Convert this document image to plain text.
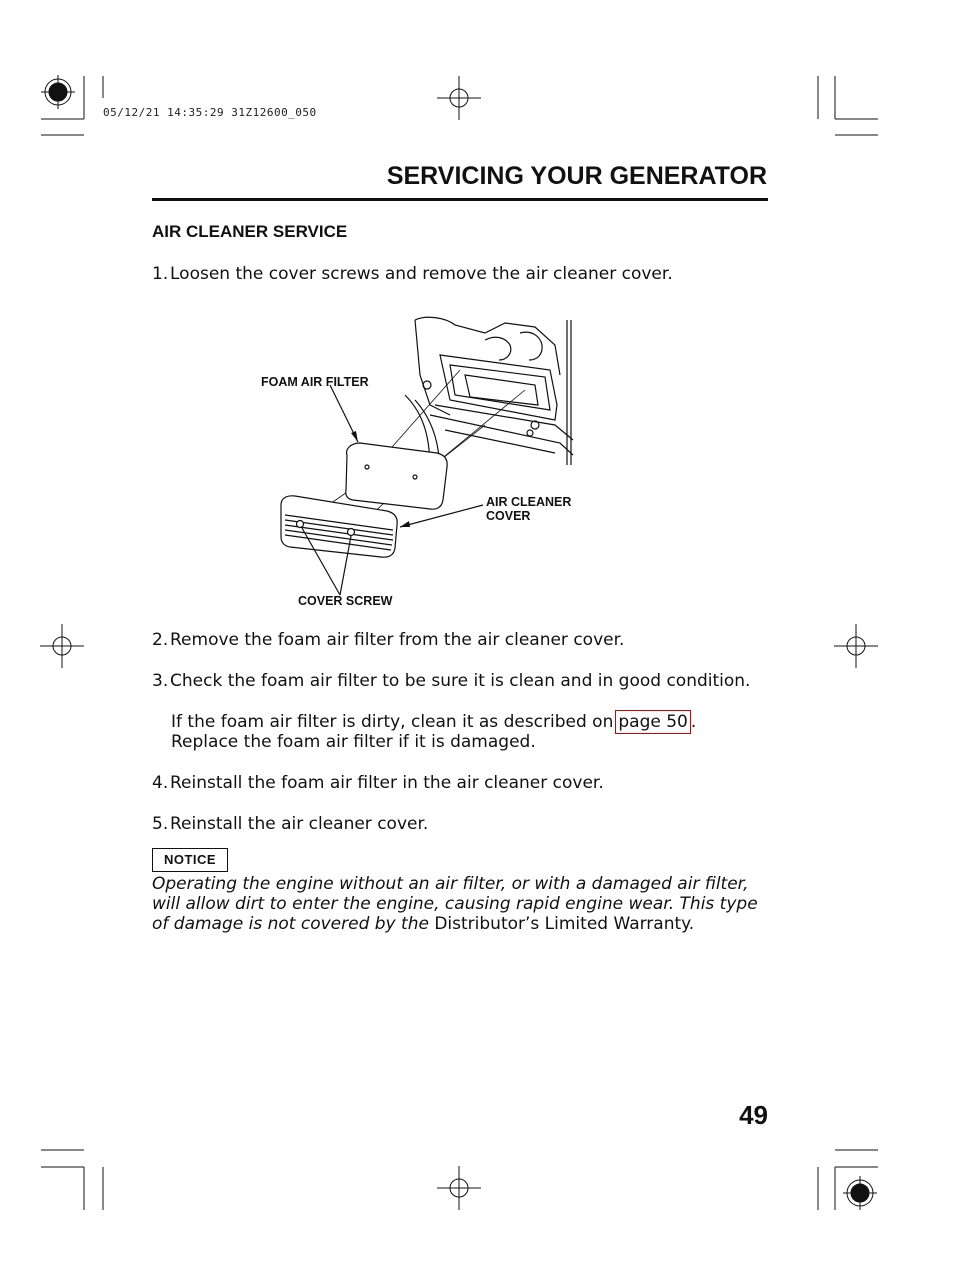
05/12/21 14:35:29 31Z12600_050
SERVICING YOUR GENERATOR
AIR CLEANER SERVICE
1. Loosen the cover screws and remove the air cleaner cover.
FOAM AIR FILTER
AIR CLEANER
COVER
COVER SCREW
2. Remove the foam air filter from the air cleaner cover.
3. Check the foam air filter to be sure it is clean and in good condition.
If the foam air filter is dirty, clean it as described on page 50 .
Replace the foam air filter if it is damaged.
4. Reinstall the foam air filter in the air cleaner cover.
5. Reinstall the air cleaner cover.
NOTICE
Operating the engine without an air filter, or with a damaged air filter, will allow dirt to enter the engine, causing rapid engine wear. This type of damage is not covered by the Distributor’s Limited Warranty.
49
